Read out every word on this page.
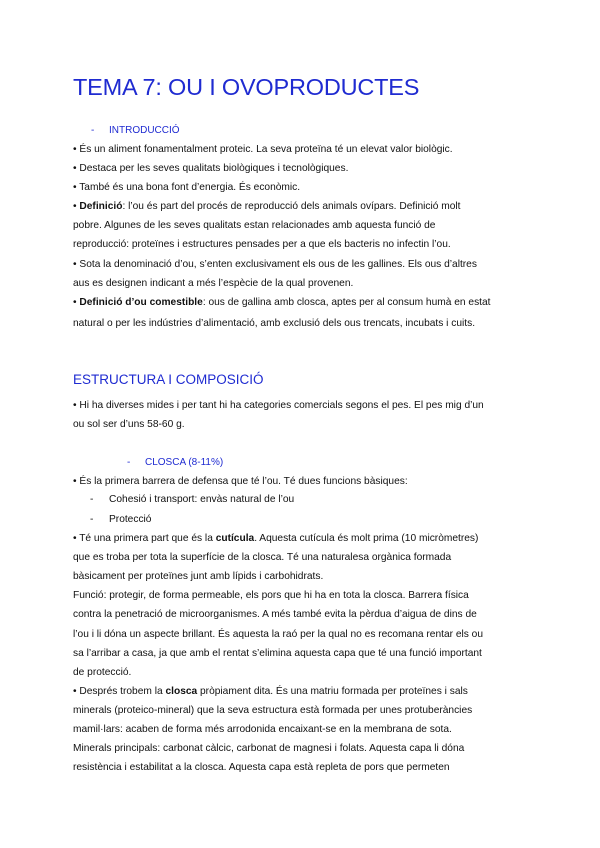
TEMA 7: OU I OVOPRODUCTES
- INTRODUCCIÓ
• És un aliment fonamentalment proteic. La seva proteïna té un elevat valor biològic.
• Destaca per les seves qualitats biològiques i tecnològiques.
• També és una bona font d’energia. És econòmic.
• Definició: l’ou és part del procés de reproducció dels animals ovípars. Definició molt
pobre. Algunes de les seves qualitats estan relacionades amb aquesta funció de
reproducció: proteïnes i estructures pensades per a que els bacteris no infectin l’ou.
• Sota la denominació d’ou, s’enten exclusivament els ous de les gallines. Els ous d’altres
aus es designen indicant a més l’espècie de la qual provenen.
• Definició d’ou comestible: ous de gallina amb closca, aptes per al consum humà en estat
natural o per les indústries d’alimentació, amb exclusió dels ous trencats, incubats i cuits.
ESTRUCTURA I COMPOSICIÓ
• Hi ha diverses mides i per tant hi ha categories comercials segons el pes. El pes mig d’un
ou sol ser d’uns 58-60 g.
- CLOSCA (8-11%)
• És la primera barrera de defensa que té l’ou. Té dues funcions bàsiques:
- Cohesió i transport: envàs natural de l’ou
- Protecció
• Té una primera part que és la cutícula. Aquesta cutícula és molt prima (10 micròmetres)
que es troba per tota la superfície de la closca. Té una naturalesa orgànica formada
bàsicament per proteïnes junt amb lípids i carbohidrats.
Funció: protegir, de forma permeable, els pors que hi ha en tota la closca. Barrera física
contra la penetració de microorganismes. A més també evita la pèrdua d’aigua de dins de
l’ou i li dóna un aspecte brillant. És aquesta la raó per la qual no es recomana rentar els ou
sa l’arribar a casa, ja que amb el rentat s’elimina aquesta capa que té una funció important
de protecció.
• Després trobem la closca pròpiament dita. És una matriu formada per proteïnes i sals
minerals (proteico-mineral) que la seva estructura està formada per unes protuberàncies
mamil·lars: acaben de forma més arrodonida encaixant-se en la membrana de sota.
Minerals principals: carbonat càlcic, carbonat de magnesi i folats. Aquesta capa li dóna
resistència i estabilitat a la closca. Aquesta capa està repleta de pors que permeten
